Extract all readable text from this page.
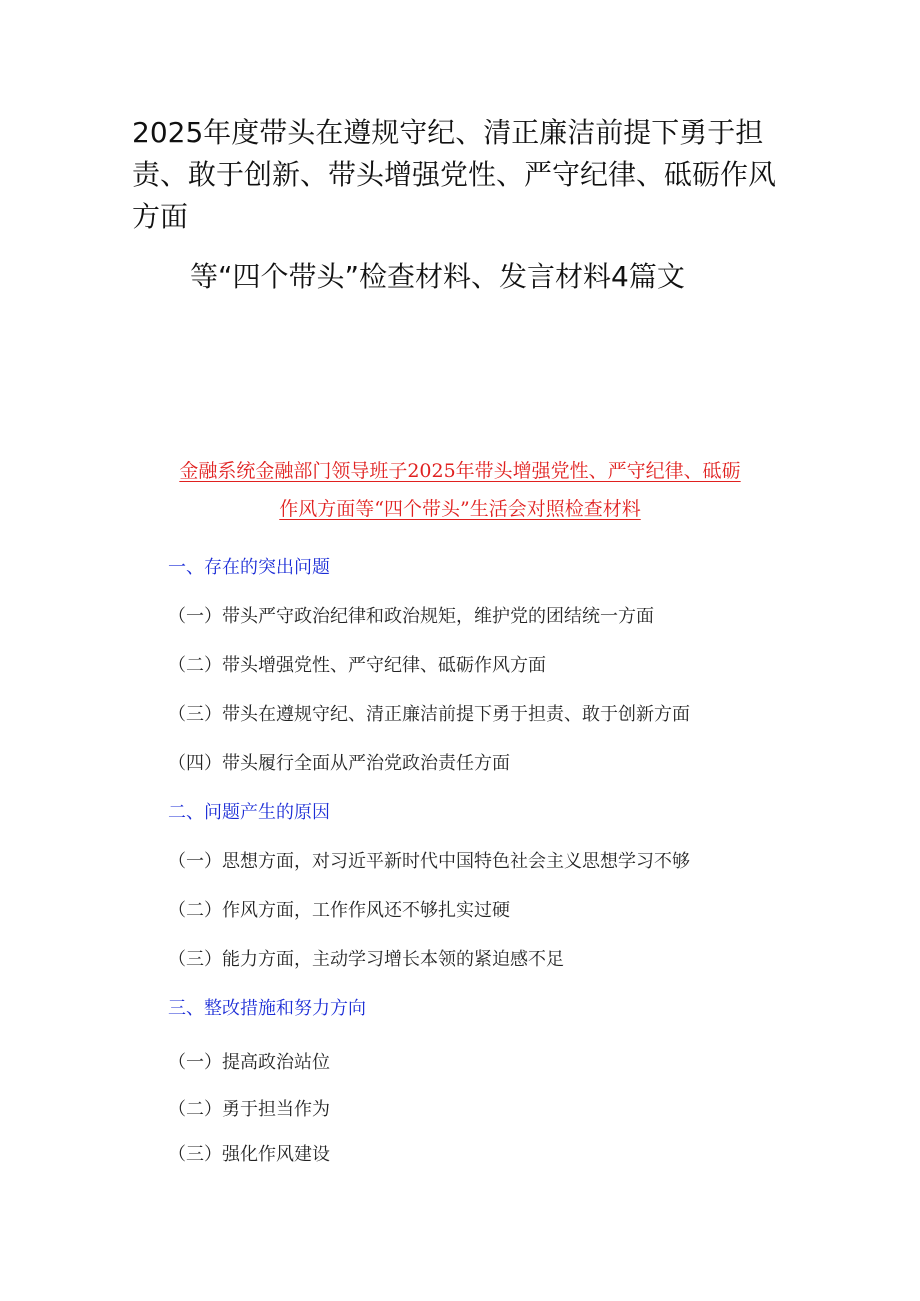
2025年度带头在遵规守纪、清正廉洁前提下勇于担责、敢于创新、带头增强党性、严守纪律、砥砺作风方面
等“四个带头”检查材料、发言材料4篇文
金融系统金融部门领导班子2025年带头增强党性、严守纪律、砥砺
作风方面等“四个带头”生活会对照检查材料
一、存在的突出问题
（一）带头严守政治纪律和政治规矩，维护党的团结统一方面
（二）带头增强党性、严守纪律、砥砺作风方面
（三）带头在遵规守纪、清正廉洁前提下勇于担责、敢于创新方面
（四）带头履行全面从严治党政治责任方面
二、问题产生的原因
（一）思想方面，对习近平新时代中国特色社会主义思想学习不够
（二）作风方面，工作作风还不够扎实过硬
（三）能力方面，主动学习增长本领的紧迫感不足
三、整改措施和努力方向
（一）提高政治站位
（二）勇于担当作为
（三）强化作风建设
